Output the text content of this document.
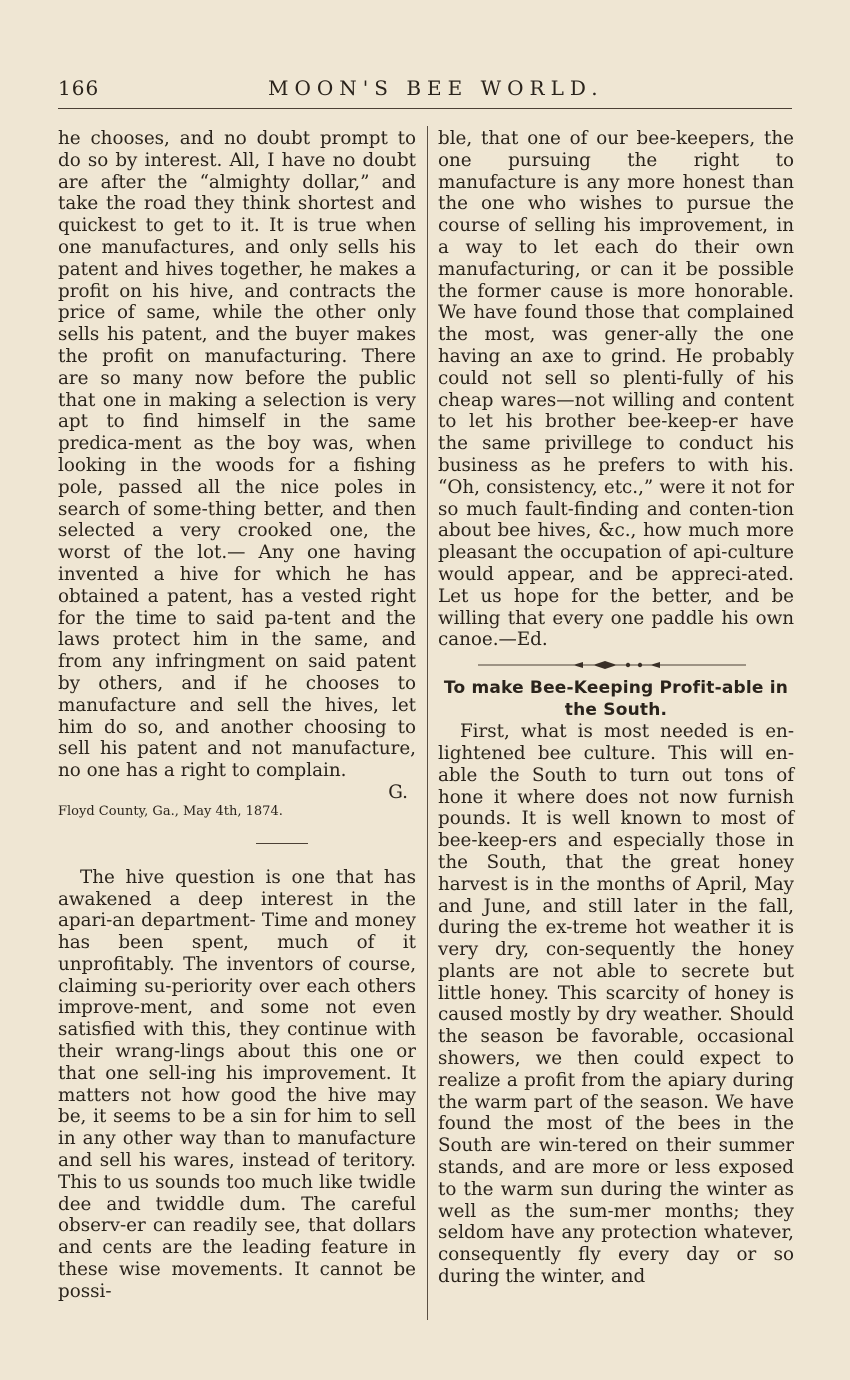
166	MOON'S BEE WORLD.

he chooses, and no doubt prompt to do so by interest. All, I have no doubt are after the “almighty dollar,” and take the road they think shortest and quickest to get to it. It is true when one manufactures, and only sells his patent and hives together, he makes a profit on his hive, and contracts the price of same, while the other only sells his patent, and the buyer makes the profit on manufacturing. There are so many now before the public that one in making a selection is very apt to find himself in the same predica-ment as the boy was, when looking in the woods for a fishing pole, passed all the nice poles in search of some-thing better, and then selected a very crooked one, the worst of the lot.— Any one having invented a hive for which he has obtained a patent, has a vested right for the time to said pa-tent and the laws protect him in the same, and from any infringment on said patent by others, and if he chooses to manufacture and sell the hives, let him do so, and another choosing to sell his patent and not manufacture, no one has a right to complain.

G.

Floyd County, Ga., May 4th, 1874.

The hive question is one that has awakened a deep interest in the apari-an department- Time and money has been spent, much of it unprofitably. The inventors of course, claiming su-periority over each others improve-ment, and some not even satisfied with this, they continue with their wrang-lings about this one or that one sell-ing his improvement. It matters not how good the hive may be, it seems to be a sin for him to sell in any other way than to manufacture and sell his wares, instead of teritory. This to us sounds too much like twidle dee and twiddle dum. The careful observ-er can readily see, that dollars and cents are the leading feature in these wise movements. It cannot be possi-

ble, that one of our bee-keepers, the one pursuing the right to manufacture is any more honest than the one who wishes to pursue the course of selling his improvement, in a way to let each do their own manufacturing, or can it be possible the former cause is more honorable. We have found those that complained the most, was gener-ally the one having an axe to grind. He probably could not sell so plenti-fully of his cheap wares—not willing and content to let his brother bee-keep-er have the same privillege to conduct his business as he prefers to with his. “Oh, consistency, etc.,” were it not for so much fault-finding and conten-tion about bee hives, &c., how much more pleasant the occupation of api-culture would appear, and be appreci-ated. Let us hope for the better, and be willing that every one paddle his own canoe.—Ed.

To make Bee-Keeping Profit-able in the South.

First, what is most needed is en-lightened bee culture. This will en-able the South to turn out tons of hone it where does not now furnish pounds. It is well known to most of bee-keep-ers and especially those in the South, that the great honey harvest is in the months of April, May and June, and still later in the fall, during the ex-treme hot weather it is very dry, con-sequently the honey plants are not able to secrete but little honey. This scarcity of honey is caused mostly by dry weather. Should the season be favorable, occasional showers, we then could expect to realize a profit from the apiary during the warm part of the season. We have found the most of the bees in the South are win-tered on their summer stands, and are more or less exposed to the warm sun during the winter as well as the sum-mer months; they seldom have any protection whatever, consequently fly every day or so during the winter, and
